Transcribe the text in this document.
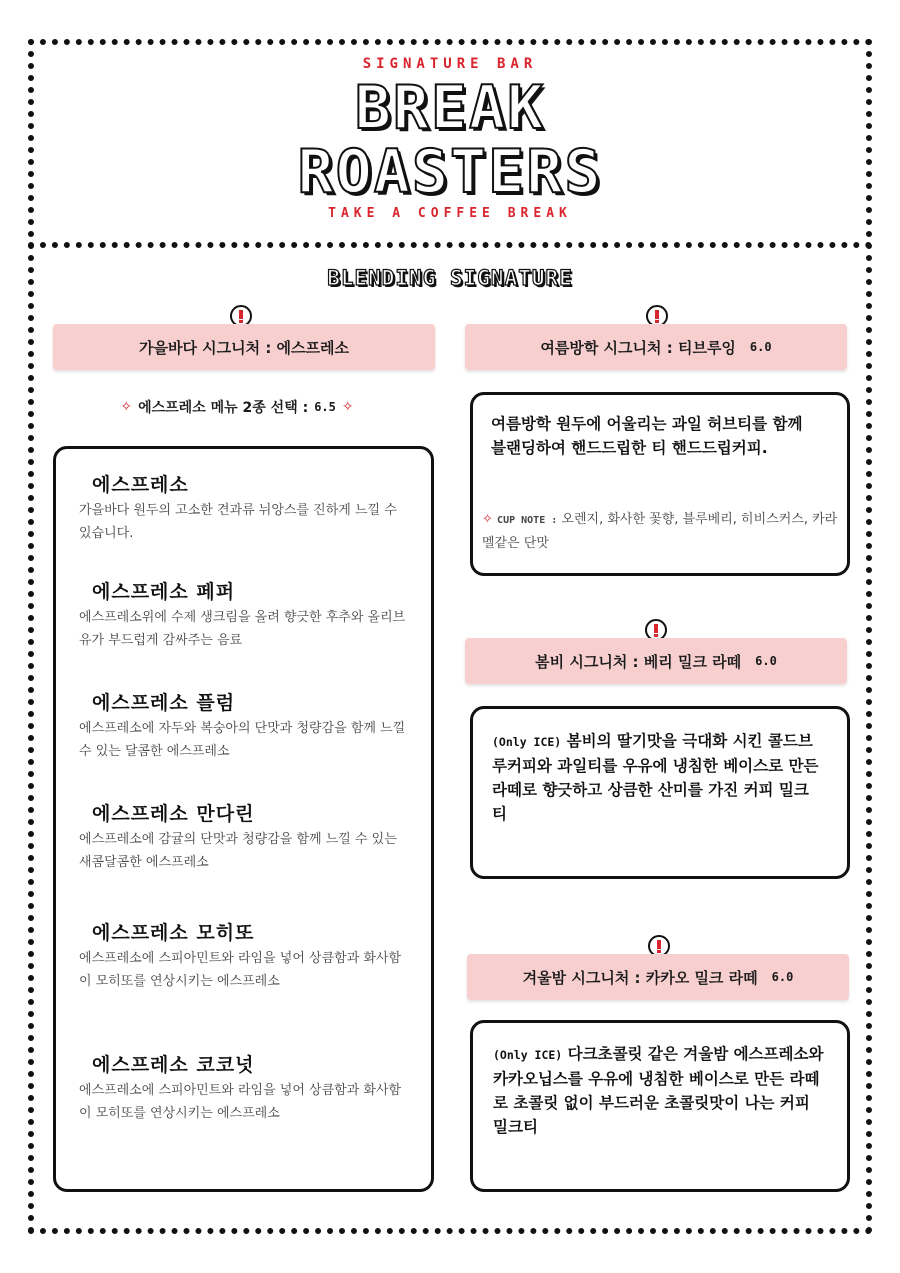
SIGNATURE BAR
BREAK
ROASTERS
TAKE A COFFEE BREAK
BLENDING SIGNATURE
가을바다 시그니처 : 에스프레소
✧ 에스프레소 메뉴 2종 선택 : 6.5 ✧
에스프레소
가을바다 원두의 고소한 견과류 뉘앙스를 진하게 느낄 수 있습니다.
에스프레소 페퍼
에스프레소위에 수제 생크림을 올려 향긋한 후추와 올리브유가 부드럽게 감싸주는 음료
에스프레소 플럼
에스프레소에 자두와 복숭아의 단맛과 청량감을 함께 느낄 수 있는 달콤한 에스프레소
에스프레소 만다린
에스프레소에 감귤의 단맛과 청량감을 함께 느낄 수 있는 새콤달콤한 에스프레소
에스프레소 모히또
에스프레소에 스피아민트와 라임을 넣어 상큼함과 화사함이 모히또를 연상시키는 에스프레소
에스프레소 코코넛
에스프레소에 스피아민트와 라임을 넣어 상큼함과 화사함이 모히또를 연상시키는 에스프레소
여름방학 시그니처 : 티브루잉 6.0
여름방학 원두에 어울리는 과일 허브티를 함께 블랜딩하여 핸드드립한 티 핸드드립커피.
✧ CUP NOTE : 오렌지, 화사한 꽃향, 블루베리, 히비스커스, 카라멜같은 단맛
봄비 시그니처 : 베리 밀크 라떼 6.0
(Only ICE) 봄비의 딸기맛을 극대화 시킨 콜드브루커피와 과일티를 우유에 냉침한 베이스로 만든 라떼로 향긋하고 상큼한 산미를 가진 커피 밀크티
겨울밤 시그니처 : 카카오 밀크 라떼 6.0
(Only ICE) 다크초콜릿 같은 겨울밤 에스프레소와 카카오닙스를 우유에 냉침한 베이스로 만든 라떼로 초콜릿 없이 부드러운 초콜릿맛이 나는 커피 밀크티
